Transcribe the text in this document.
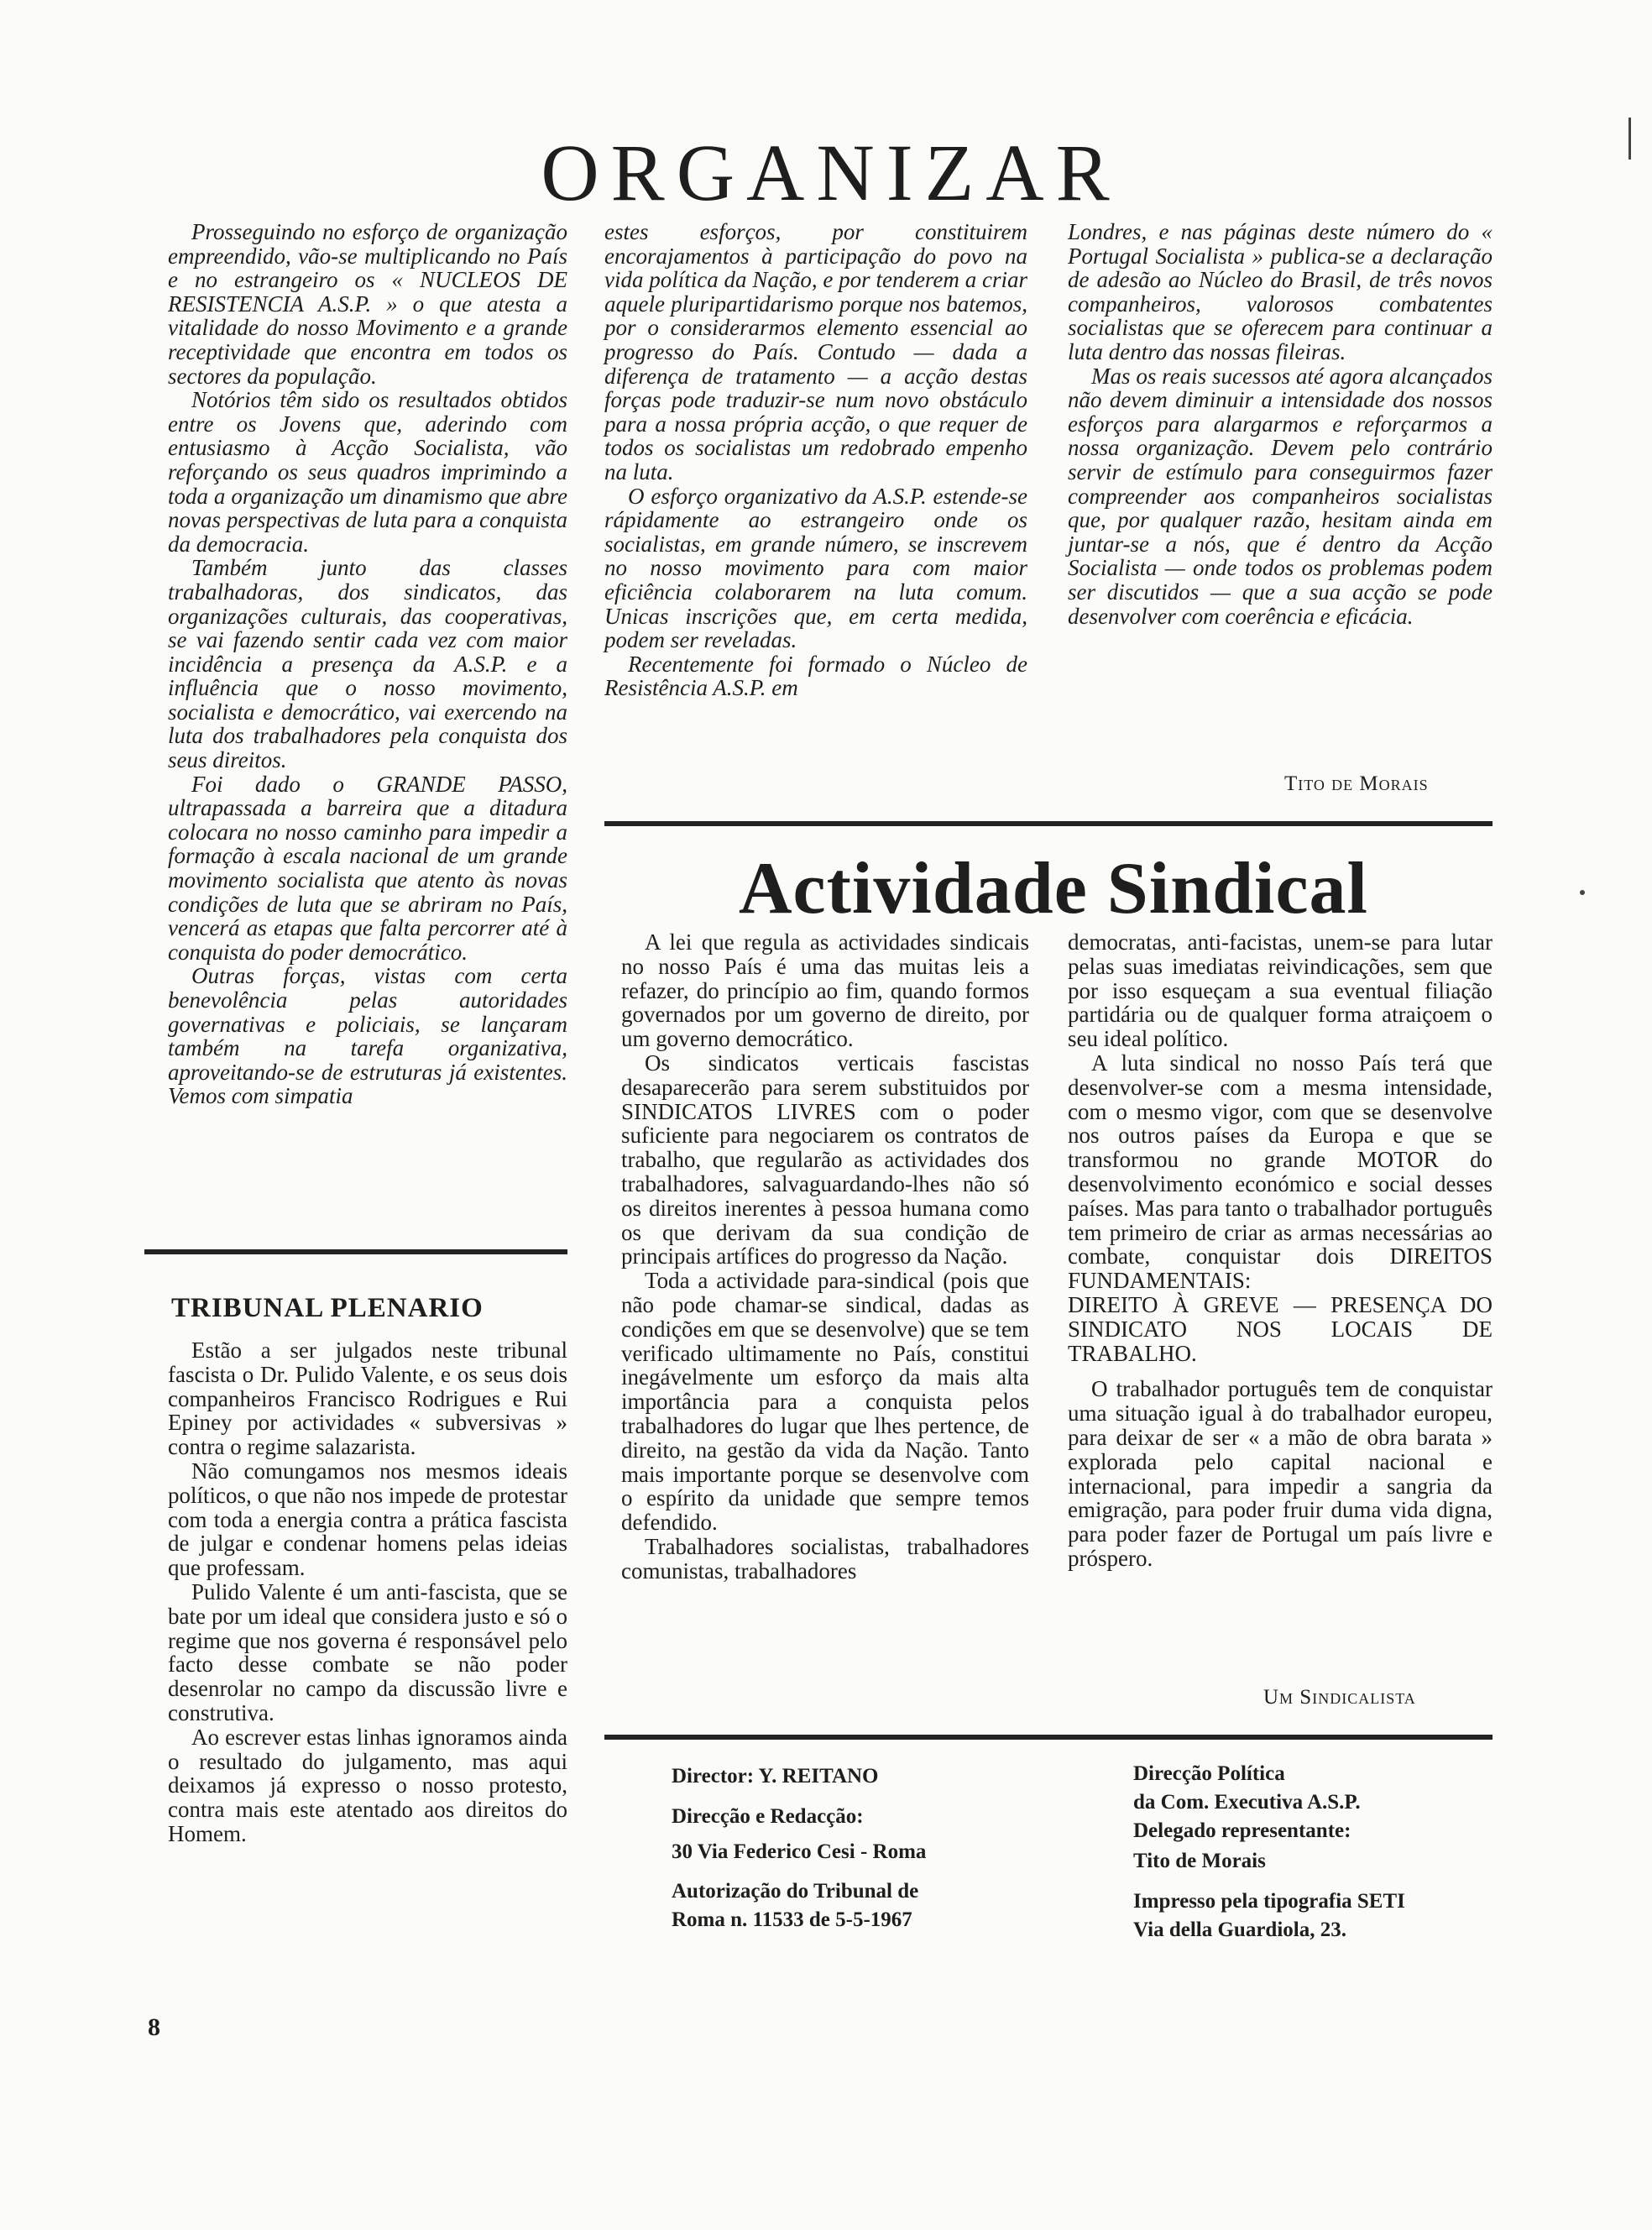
ORGANIZAR

Prosseguindo no esforço de organização empreendido, vão-se multiplicando no País e no estrangeiro os « NUCLEOS DE RESISTENCIA A.S.P. » o que atesta a vitalidade do nosso Movimento e a grande receptividade que encontra em todos os sectores da população.

Notórios têm sido os resultados obtidos entre os Jovens que, aderindo com entusiasmo à Acção Socialista, vão reforçando os seus quadros imprimindo a toda a organização um dinamismo que abre novas perspectivas de luta para a conquista da democracia.

Também junto das classes trabalhadoras, dos sindicatos, das organizações culturais, das cooperativas, se vai fazendo sentir cada vez com maior incidência a presença da A.S.P. e a influência que o nosso movimento, socialista e democrático, vai exercendo na luta dos trabalhadores pela conquista dos seus direitos.

Foi dado o GRANDE PASSO, ultrapassada a barreira que a ditadura colocara no nosso caminho para impedir a formação à escala nacional de um grande movimento socialista que atento às novas condições de luta que se abriram no País, vencerá as etapas que falta percorrer até à conquista do poder democrático.

Outras forças, vistas com certa benevolência pelas autoridades governativas e policiais, se lançaram também na tarefa organizativa, aproveitando-se de estruturas já existentes. Vemos com simpatia

estes esforços, por constituirem encorajamentos à participação do povo na vida política da Nação, e por tenderem a criar aquele pluripartidarismo porque nos batemos, por o considerarmos elemento essencial ao progresso do País. Contudo — dada a diferença de tratamento — a acção destas forças pode traduzir-se num novo obstáculo para a nossa própria acção, o que requer de todos os socialistas um redobrado empenho na luta.

O esforço organizativo da A.S.P. estende-se rápidamente ao estrangeiro onde os socialistas, em grande número, se inscrevem no nosso movimento para com maior eficiência colaborarem na luta comum. Unicas inscrições que, em certa medida, podem ser reveladas.

Recentemente foi formado o Núcleo de Resistência A.S.P. em

Londres, e nas páginas deste número do « Portugal Socialista » publica-se a declaração de adesão ao Núcleo do Brasil, de três novos companheiros, valorosos combatentes socialistas que se oferecem para continuar a luta dentro das nossas fileiras.

Mas os reais sucessos até agora alcançados não devem diminuir a intensidade dos nossos esforços para alargarmos e reforçarmos a nossa organização. Devem pelo contrário servir de estímulo para conseguirmos fazer compreender aos companheiros socialistas que, por qualquer razão, hesitam ainda em juntar-se a nós, que é dentro da Acção Socialista — onde todos os problemas podem ser discutidos — que a sua acção se pode desenvolver com coerência e eficácia.

Tito de Morais
Actividade Sindical

A lei que regula as actividades sindicais no nosso País é uma das muitas leis a refazer, do princípio ao fim, quando formos governados por um governo de direito, por um governo democrático.

Os sindicatos verticais fascistas desaparecerão para serem substituidos por SINDICATOS LIVRES com o poder suficiente para negociarem os contratos de trabalho, que regularão as actividades dos trabalhadores, salvaguardando-lhes não só os direitos inerentes à pessoa humana como os que derivam da sua condição de principais artífices do progresso da Nação.

Toda a actividade para-sindical (pois que não pode chamar-se sindical, dadas as condições em que se desenvolve) que se tem verificado ultimamente no País, constitui inegávelmente um esforço da mais alta importância para a conquista pelos trabalhadores do lugar que lhes pertence, de direito, na gestão da vida da Nação. Tanto mais importante porque se desenvolve com o espírito da unidade que sempre temos defendido.

Trabalhadores socialistas, trabalhadores comunistas, trabalhadores

democratas, anti-facistas, unem-se para lutar pelas suas imediatas reivindicações, sem que por isso esqueçam a sua eventual filiação partidária ou de qualquer forma atraiçoem o seu ideal político.

A luta sindical no nosso País terá que desenvolver-se com a mesma intensidade, com o mesmo vigor, com que se desenvolve nos outros países da Europa e que se transformou no grande MOTOR do desenvolvimento económico e social desses países. Mas para tanto o trabalhador português tem primeiro de criar as armas necessárias ao combate, conquistar dois DIREITOS FUNDAMENTAIS:

DIREITO À GREVE — PRESENÇA DO SINDICATO NOS LOCAIS DE TRABALHO.

O trabalhador português tem de conquistar uma situação igual à do trabalhador europeu, para deixar de ser « a mão de obra barata » explorada pelo capital nacional e internacional, para impedir a sangria da emigração, para poder fruir duma vida digna, para poder fazer de Portugal um país livre e próspero.

Um Sindicalista
TRIBUNAL PLENARIO

Estão a ser julgados neste tribunal fascista o Dr. Pulido Valente, e os seus dois companheiros Francisco Rodrigues e Rui Epiney por actividades « subversivas » contra o regime salazarista.

Não comungamos nos mesmos ideais políticos, o que não nos impede de protestar com toda a energia contra a prática fascista de julgar e condenar homens pelas ideias que professam.

Pulido Valente é um anti-fascista, que se bate por um ideal que considera justo e só o regime que nos governa é responsável pelo facto desse combate se não poder desenrolar no campo da discussão livre e construtiva.

Ao escrever estas linhas ignoramos ainda o resultado do julgamento, mas aqui deixamos já expresso o nosso protesto, contra mais este atentado aos direitos do Homem.

Director: Y. REITANO
Direcção e Redacção:
30 Via Federico Cesi - Roma
Autorização do Tribunal de
Roma n. 11533 de 5-5-1967
Direcção Política
da Com. Executiva A.S.P.
Delegado representante:
Tito de Morais
Impresso pela tipografia SETI
Via della Guardiola, 23.
8
